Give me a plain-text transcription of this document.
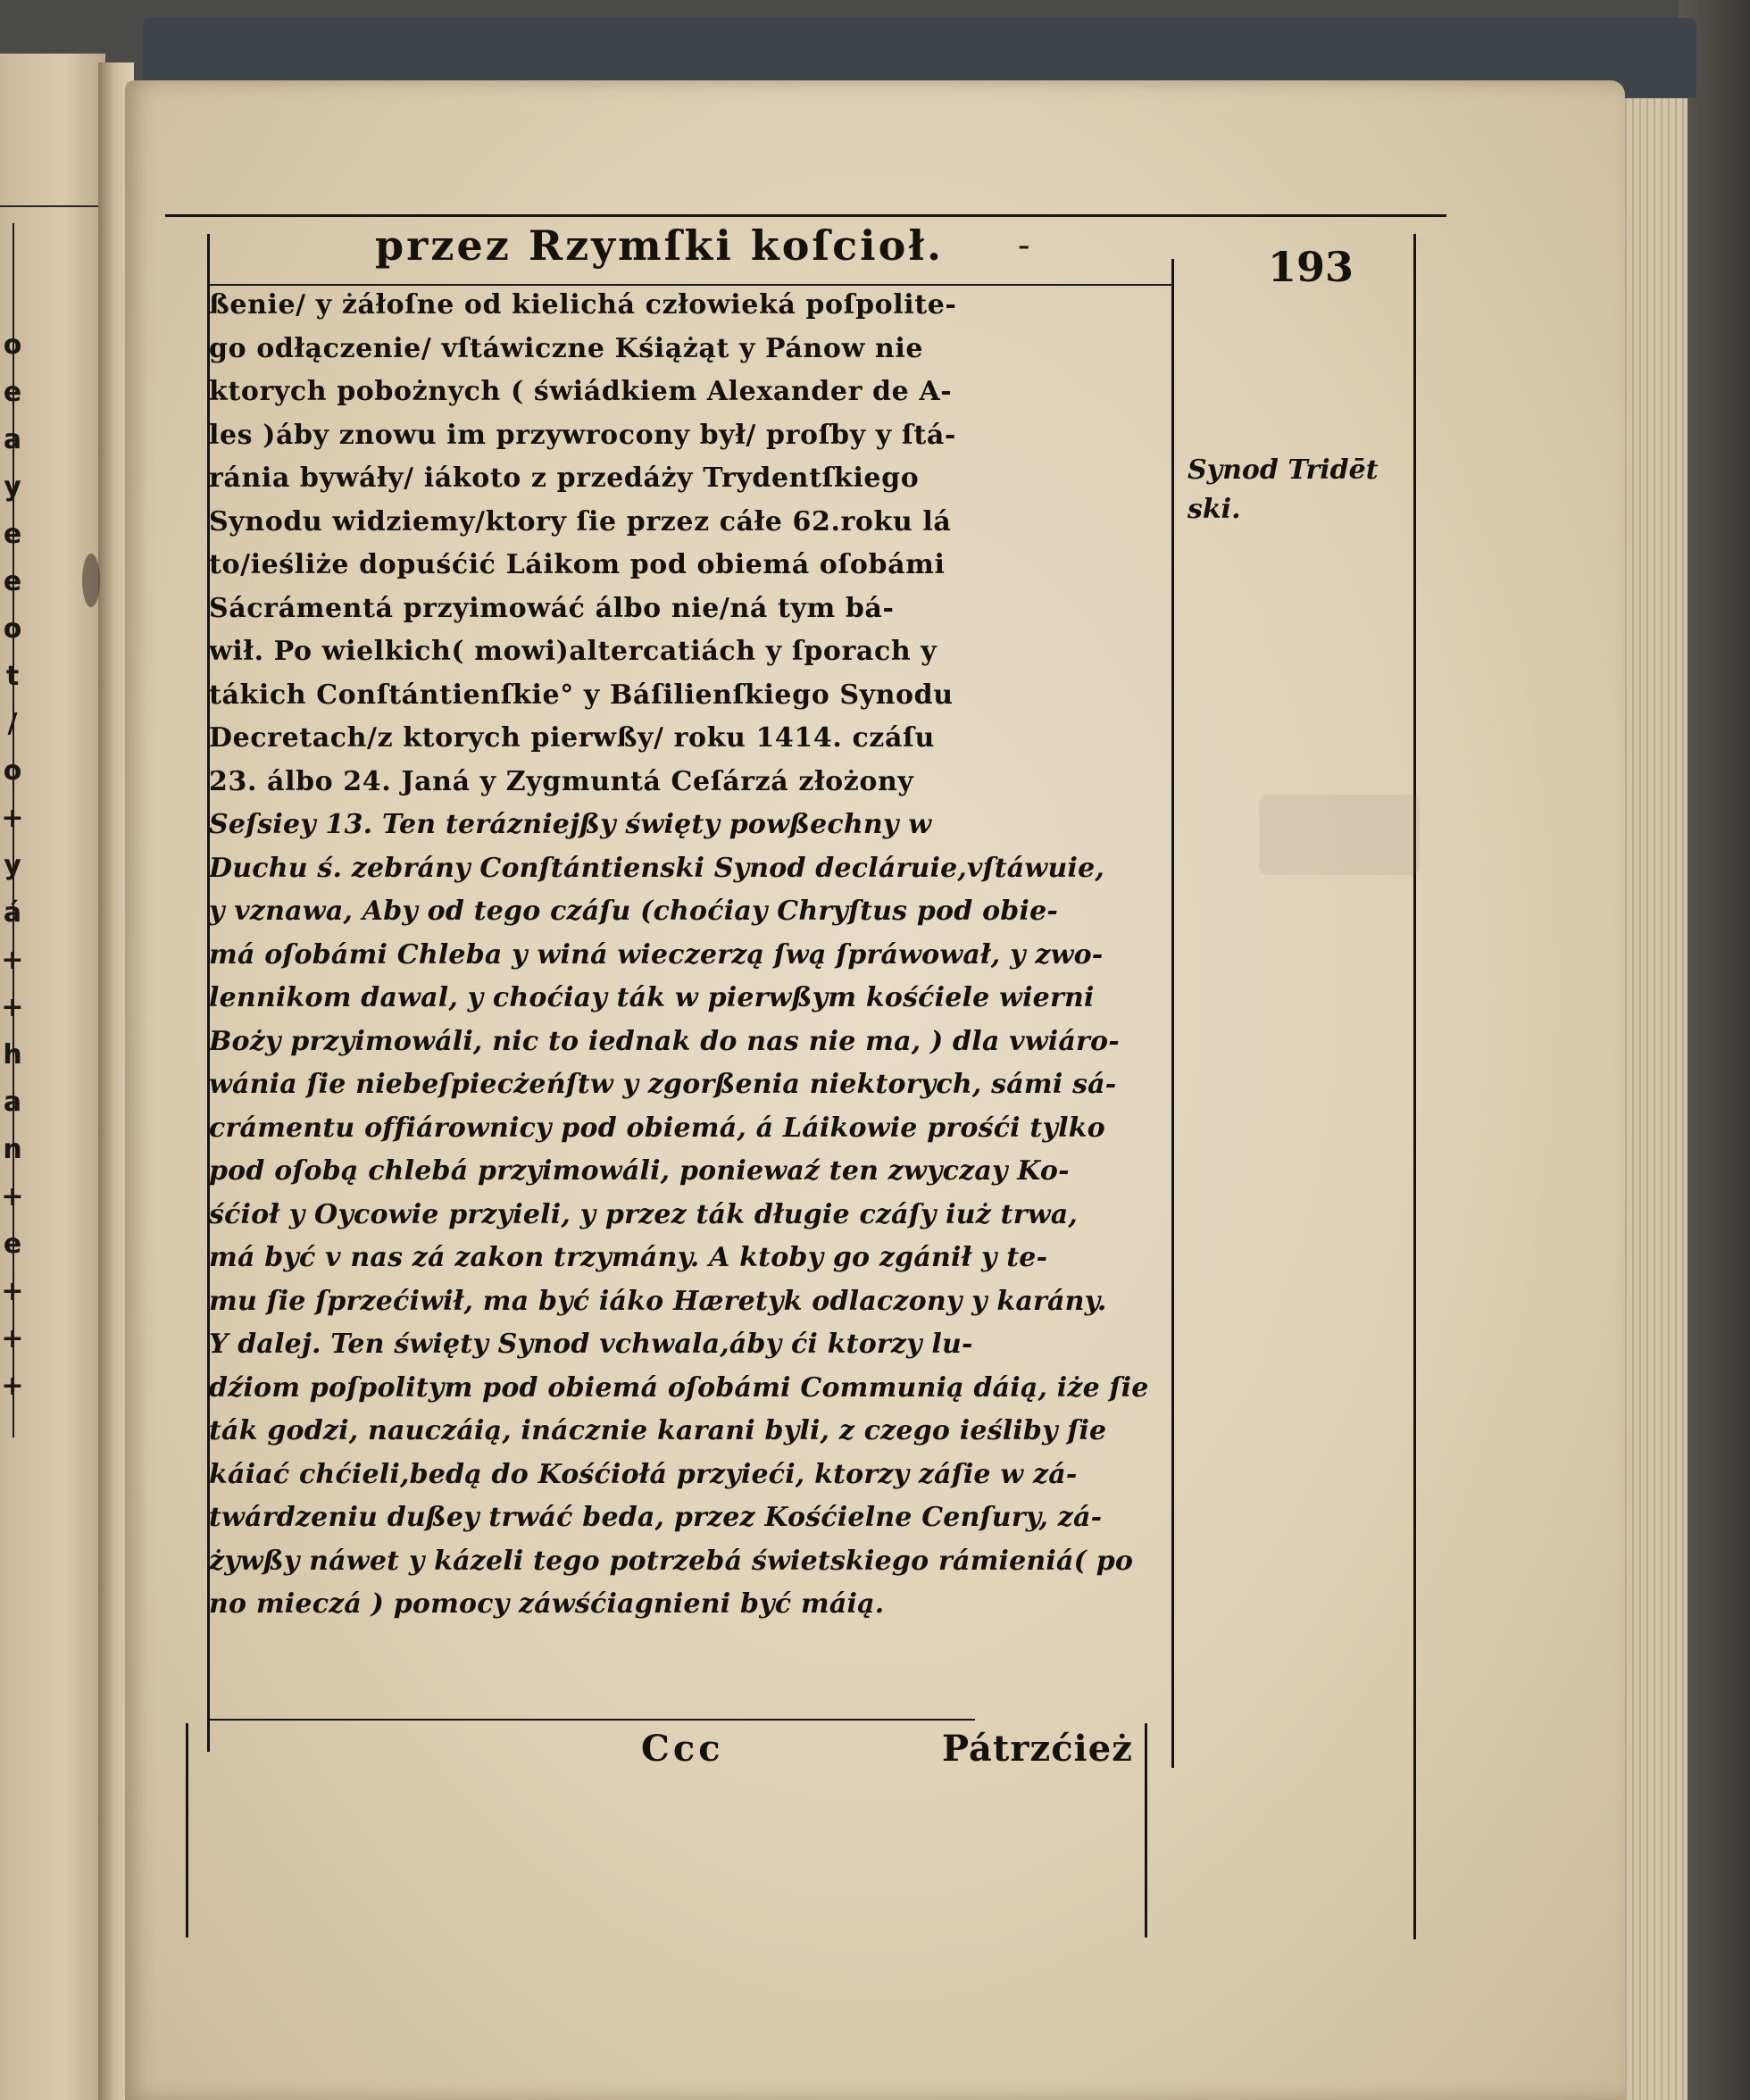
o
e
a
y
e
e
o
t
/
o
+
y
á
+
+
h
a
n
+
e
+
+
+
przez Rzymſki koſcioł. -	193
Synod Tridēt
ski.
ßenie/ y żáłoſne od kielichá człowieká poſpolite-
go odłączenie/ vſtáwiczne Kśiążąt y Pánow nie
ktorych pobożnych ( świádkiem Alexander de A-
les )áby znowu im przywrocony był/ proſby y ſtá-
ránia bywáły/ iákoto z przedáży Trydentſkiego
Synodu widziemy/ktory ſie przez cáłe 62.roku lá
to/ieśliże dopuśćić Láikom pod obiemá oſobámi
Sácrámentá przyimowáć álbo nie/ná tym bá-
wił. Po wielkich( mowi)altercatiách y ſporach y
tákich Conſtántienſkie° y Báſilienſkiego Synodu
Decretach/z ktorych pierwßy/ roku 1414. czáſu
23. álbo 24. Janá y Zygmuntá Ceſárzá złożony
Seſsiey 13. Ten terázniejßy święty powßechny w
Duchu ś. zebrány Conſtántienski Synod decláruie,vſtáwuie,
y vznawa, Aby od tego czáſu (choćiay Chryſtus pod obie-
má oſobámi Chleba y winá wieczerzą ſwą ſpráwował, y zwo-
lennikom dawal, y choćiay ták w pierwßym kośćiele wierni
Boży przyimowáli, nic to iednak do nas nie ma, ) dla vwiáro-
wánia ſie niebeſpiecżeńſtw y zgorßenia niektorych, sámi sá-
crámentu offiárownicy pod obiemá, á Láikowie prośći tylko
pod oſobą chlebá przyimowáli, poniewaź ten zwyczay Ko-
śćioł y Oycowie przyieli, y przez ták długie czáſy iuż trwa,
má być v nas zá zakon trzymány. A ktoby go zgánił y te-
mu ſie ſprzećiwił, ma być iáko Hæretyk odlaczony y karány.
Y dalej. Ten święty Synod vchwala,áby ći ktorzy lu-
dźiom poſpolitym pod obiemá oſobámi Communią dáią, iże ſie
ták godzi, nauczáią, ináczniе karani byli, z czego ieśliby ſie
káiać chćieli,bedą do Kośćiołá przyieći, ktorzy záſie w zá-
twárdzeniu dußey trwáć beda, przez Kośćielne Cenſury, zá-
żywßy náwet y kázeli tego potrzebá świetskiego rámieniá( po
no mieczá ) pomocy záwśćiagnieni być máią.
Ccc	Pátrzćież
